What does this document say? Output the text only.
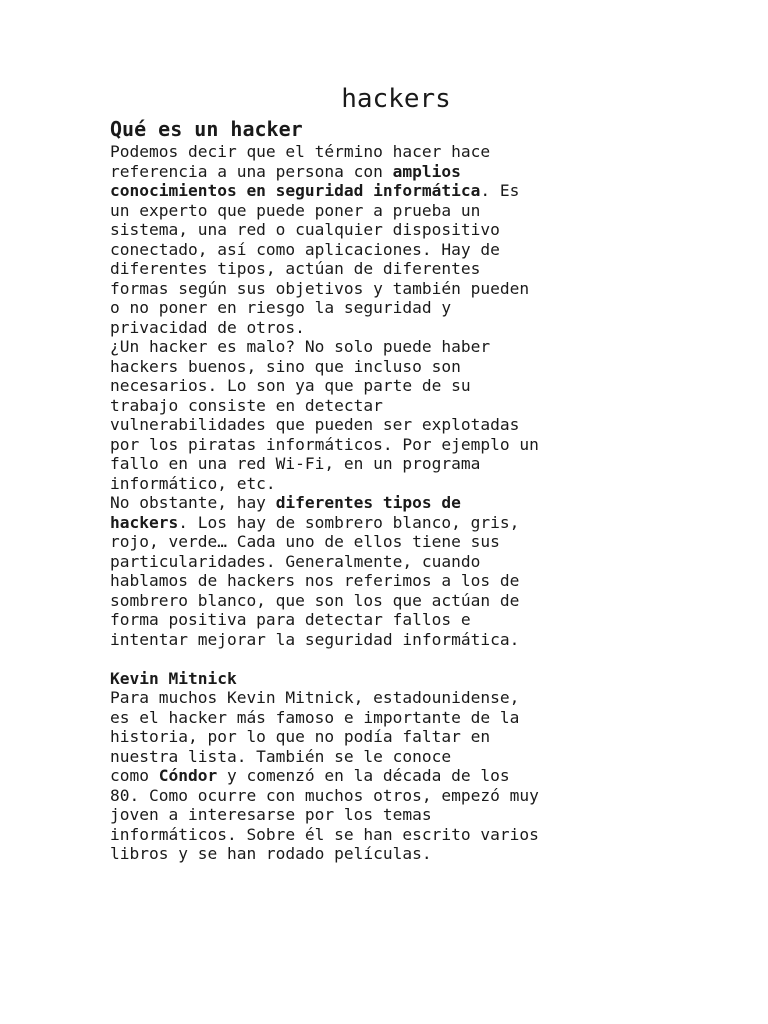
hackers
Qué es un hacker

Podemos decir que el término hacer hace
referencia a una persona con amplios
conocimientos en seguridad informática. Es
un experto que puede poner a prueba un
sistema, una red o cualquier dispositivo
conectado, así como aplicaciones. Hay de
diferentes tipos, actúan de diferentes
formas según sus objetivos y también pueden
o no poner en riesgo la seguridad y
privacidad de otros.

¿Un hacker es malo? No solo puede haber
hackers buenos, sino que incluso son
necesarios. Lo son ya que parte de su
trabajo consiste en detectar
vulnerabilidades que pueden ser explotadas
por los piratas informáticos. Por ejemplo un
fallo en una red Wi-Fi, en un programa
informático, etc.

No obstante, hay diferentes tipos de
hackers. Los hay de sombrero blanco, gris,
rojo, verde… Cada uno de ellos tiene sus
particularidades. Generalmente, cuando
hablamos de hackers nos referimos a los de
sombrero blanco, que son los que actúan de
forma positiva para detectar fallos e
intentar mejorar la seguridad informática.

Kevin Mitnick

Para muchos Kevin Mitnick, estadounidense,
es el hacker más famoso e importante de la
historia, por lo que no podía faltar en
nuestra lista. También se le conoce
como Cóndor y comenzó en la década de los
80. Como ocurre con muchos otros, empezó muy
joven a interesarse por los temas
informáticos. Sobre él se han escrito varios
libros y se han rodado películas.
